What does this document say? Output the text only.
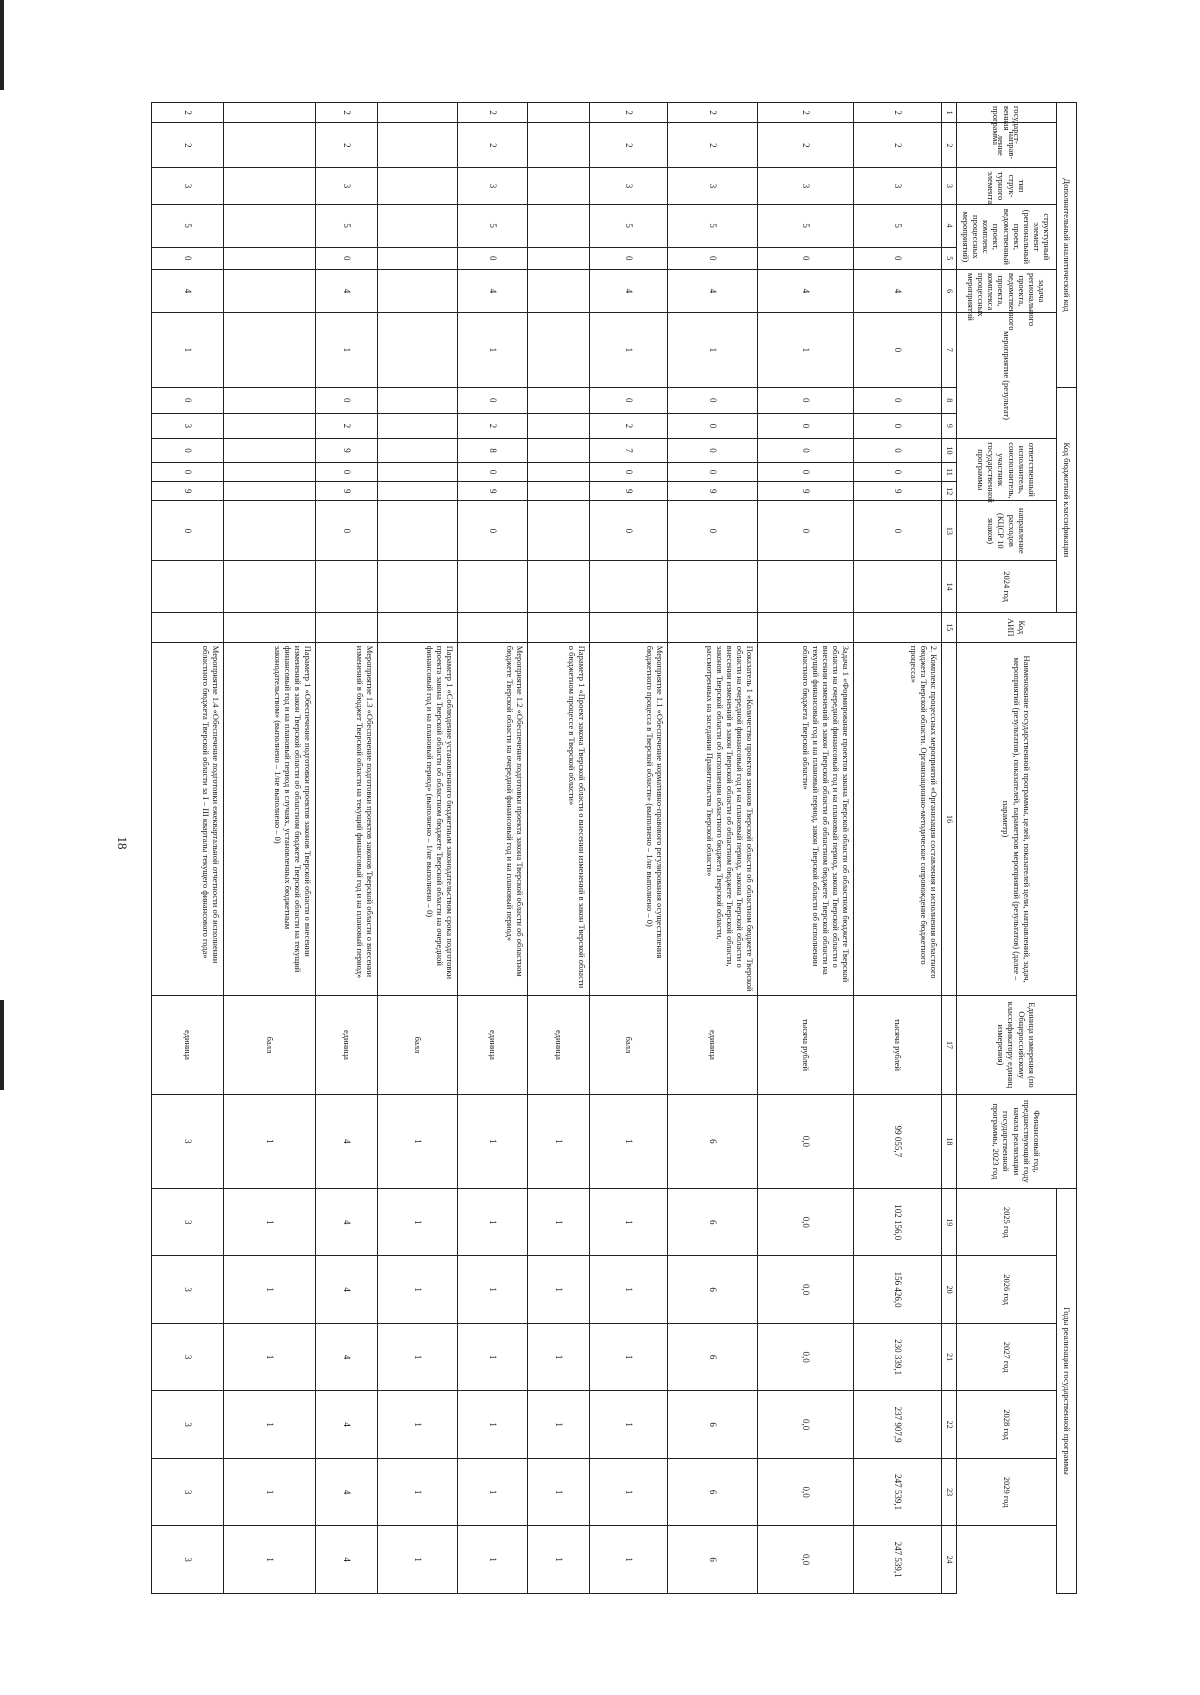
18
Дополнительный аналитический код							Код бюджетной классификации							Код АИП	Наименование государственной программы, целей, показателей цели, направлений, задач, мероприятий (результатов), показателей, параметров мероприятий (результатов) (далее – параметр)	Единица измерения (по Общероссийскому классификатору единиц измерения)	Финансовый год, предшествующий году начала реализации государственной программы, 2023 год	Годы реализации государственной программы					
государст-венная программа	направ-ление	тип струк-турного элемента	структурный элемент (региональный проект, ведомственный проект, комплекс процессных мероприятий)		задача регионального проекта, ведомственного проекта, комплекса процессных мероприятий	мероприятие (результат)			ответственный исполнитель, соисполнитель, участник государственной программы			направление расходов (КЦСР 10 знаков)	2024 год					2025 год	2026 год	2027 год	2028 год	2029 год	

1	2	3	4	5	6	7	8	9	10	11	12	13	14	15	16	17	18	19	20	21	22	23	24
2	2	3	5	0	4	0	0	0	0	0	9	0			2. Комплекс процессных мероприятий «Организация составления и исполнения областного бюджета Тверской области. Организационно-методическое сопровождение бюджетного процесса»	тысяча рублей	99 055,7	102 156,0	156 426,0	230 339,1	237 907,9	247 539,1	247 539,1
2	2	3	5	0	4	1	0	0	0	0	9	0			Задача 1 «Формирование проектов закона Тверской области об областном бюджете Тверской области на очередной финансовый год и на плановый период, закона Тверской области о внесении изменений в закон Тверской области об областном бюджете Тверской области на текущий финансовый год и на плановый период, закон Тверской области об исполнении областного бюджета Тверской области»	тысяча рублей	0,0	0,0	0,0	0,0	0,0	0,0	0,0
2	2	3	5	0	4	1	0	0	0	0	9	0			Показатель 1 «Количество проектов законов Тверской области об областном бюджете Тверской области на очередной финансовый год и на плановый период, закона Тверской области о внесении изменений в закон Тверской области об областном бюджете Тверской области, законов Тверской области об исполнении областного бюджета Тверской области, рассмотренных на заседании Правительства Тверской области»	единица	6	6	6	6	6	6	6
2	2	3	5	0	4	1	0	2	7	0	9	0			Мероприятие 1.1 «Обеспечение нормативно-правового регулирования осуществления бюджетного процесса в Тверской области» (выполнено – 1/не выполнено – 0)	балл	1	1	1	1	1	1	1
															Параметр 1 «Проект закона Тверской области о внесении изменений в закон Тверской области о бюджетном процессе в Тверской области»	единица	1	1	1	1	1	1	1
2	2	3	5	0	4	1	0	2	8	0	9	0			Мероприятие 1.2 «Обеспечение подготовки проекта закона Тверской области об областном бюджете Тверской области на очередной финансовый год и на плановый период»	единица	1	1	1	1	1	1	1
															Параметр 1 «Соблюдение установленного бюджетным законодательством срока подготовки проекта закона Тверской области об областном бюджете Тверской области на очередной финансовый год и на плановый период» (выполнено – 1/не выполнено – 0)	балл	1	1	1	1	1	1	1
2	2	3	5	0	4	1	0	2	9	0	9	0			Мероприятие 1.3 «Обеспечение подготовки проектов законов Тверской области о внесении изменений в бюджет Тверской области на текущий финансовый год и на плановый период»	единица	4	4	4	4	4	4	4
															Параметр 1 «Обеспечение подготовки проектов законов Тверской области о внесении изменений в закон Тверской области об областном бюджете Тверской области на текущий финансовый год и на плановый период в случаях, установленных бюджетным законодательством» (выполнено – 1/не выполнено – 0)	балл	1	1	1	1	1	1	1
2	2	3	5	0	4	1	0	3	0	0	9	0			Мероприятие 1.4 «Обеспечение подготовки ежеквартальной отчетности об исполнении областного бюджета Тверской области за I – III кварталы текущего финансового года»	единица	3	3	3	3	3	3	3
